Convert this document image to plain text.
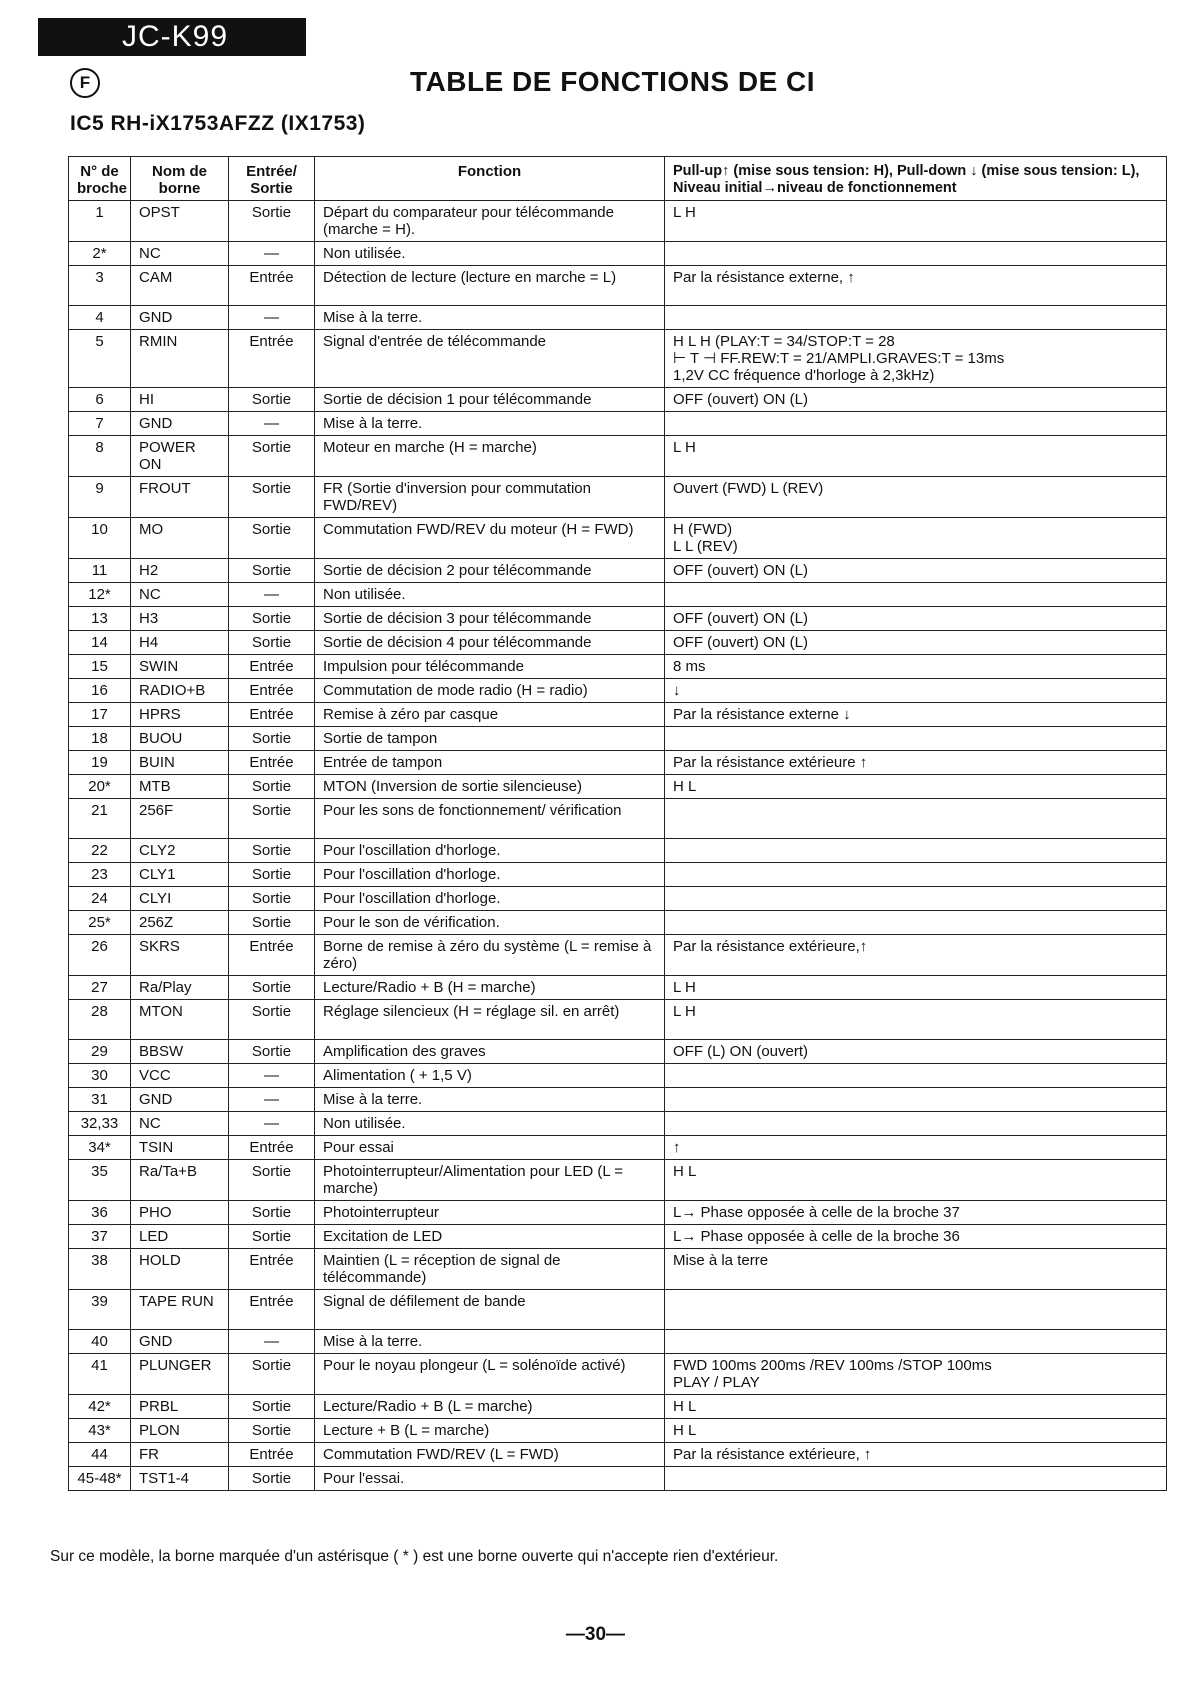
JC-K99
F	TABLE DE FONCTIONS DE CI
IC5 RH-iX1753AFZZ (IX1753)
N° de broche	Nom de borne	Entrée/ Sortie	Fonction	Pull-up↑ (mise sous tension: H), Pull-down ↓ (mise sous tension: L), Niveau initial→niveau de fonctionnement
1	OPST	Sortie	Départ du comparateur pour télécommande (marche = H).	L H
2*	NC	—	Non utilisée.	
3	CAM	Entrée	Détection de lecture (lecture en marche = L)	Par la résistance externe, ↑
4	GND	—	Mise à la terre.	
5	RMIN	Entrée	Signal d'entrée de télécommande	H L H (PLAY:T = 34/STOP:T = 28
⊢ T ⊣ FF.REW:T = 21/AMPLI.GRAVES:T = 13ms
1,2V CC fréquence d'horloge à 2,3kHz)
6	HI	Sortie	Sortie de décision 1 pour télécommande	OFF (ouvert) ON (L)
7	GND	—	Mise à la terre.	
8	POWER ON	Sortie	Moteur en marche (H = marche)	L H
9	FROUT	Sortie	FR (Sortie d'inversion pour commutation FWD/REV)	Ouvert (FWD) L (REV)
10	MO	Sortie	Commutation FWD/REV du moteur (H = FWD)	H (FWD)
L L (REV)
11	H2	Sortie	Sortie de décision 2 pour télécommande	OFF (ouvert) ON (L)
12*	NC	—	Non utilisée.	
13	H3	Sortie	Sortie de décision 3 pour télécommande	OFF (ouvert) ON (L)
14	H4	Sortie	Sortie de décision 4 pour télécommande	OFF (ouvert) ON (L)
15	SWIN	Entrée	Impulsion pour télécommande	8 ms
16	RADIO+B	Entrée	Commutation de mode radio (H = radio)	↓
17	HPRS	Entrée	Remise à zéro par casque	Par la résistance externe ↓
18	BUOU	Sortie	Sortie de tampon	
19	BUIN	Entrée	Entrée de tampon	Par la résistance extérieure ↑
20*	MTB	Sortie	MTON (Inversion de sortie silencieuse)	H L
21	256F	Sortie	Pour les sons de fonctionnement/ vérification	
22	CLY2	Sortie	Pour l'oscillation d'horloge.	
23	CLY1	Sortie	Pour l'oscillation d'horloge.	
24	CLYI	Sortie	Pour l'oscillation d'horloge.	
25*	256Z	Sortie	Pour le son de vérification.	
26	SKRS	Entrée	Borne de remise à zéro du système (L = remise à zéro)	Par la résistance extérieure,↑
27	Ra/Play	Sortie	Lecture/Radio + B (H = marche)	L H
28	MTON	Sortie	Réglage silencieux (H = réglage sil. en arrêt)	L H
29	BBSW	Sortie	Amplification des graves	OFF (L) ON (ouvert)
30	VCC	—	Alimentation ( + 1,5 V)	
31	GND	—	Mise à la terre.	
32,33	NC	—	Non utilisée.	
34*	TSIN	Entrée	Pour essai	↑
35	Ra/Ta+B	Sortie	Photointerrupteur/Alimentation pour LED (L = marche)	H L
36	PHO	Sortie	Photointerrupteur	L→ Phase opposée à celle de la broche 37
37	LED	Sortie	Excitation de LED	L→ Phase opposée à celle de la broche 36
38	HOLD	Entrée	Maintien (L = réception de signal de télécommande)	Mise à la terre
39	TAPE RUN	Entrée	Signal de défilement de bande	
40	GND	—	Mise à la terre.	
41	PLUNGER	Sortie	Pour le noyau plongeur (L = solénoïde activé)	FWD 100ms 200ms /REV 100ms /STOP 100ms
PLAY / PLAY
42*	PRBL	Sortie	Lecture/Radio + B (L = marche)	H L
43*	PLON	Sortie	Lecture + B (L = marche)	H L
44	FR	Entrée	Commutation FWD/REV (L = FWD)	Par la résistance extérieure, ↑
45-48*	TST1-4	Sortie	Pour l'essai.	
Sur ce modèle, la borne marquée d'un astérisque ( * ) est une borne ouverte qui n'accepte rien d'extérieur.
—30—
